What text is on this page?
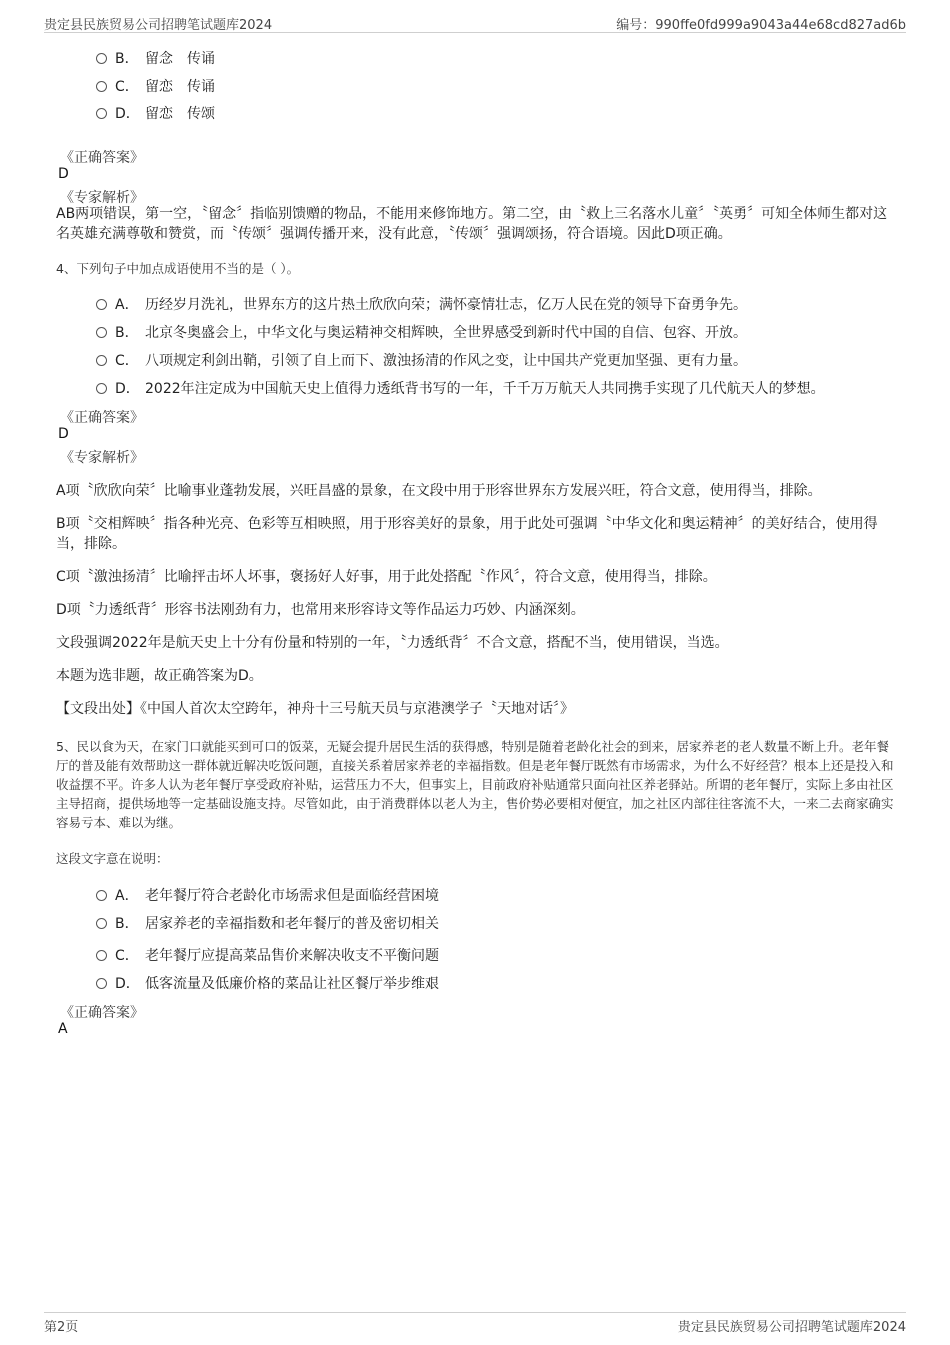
贵定县民族贸易公司招聘笔试题库2024	编号：990ffe0fd999a9043a44e68cd827ad6b
B． 留念　传诵
C． 留恋　传诵
D． 留恋　传颂
《正确答案》
D
《专家解析》
AB两项错误，第一空，〝留念〞指临别馈赠的物品，不能用来修饰地方。第二空，由〝救上三名落水儿童〞〝英勇〞可知全体师生都对这名英雄充满尊敬和赞赏，而〝传颂〞强调传播开来，没有此意，〝传颂〞强调颂扬，符合语境。因此D项正确。
4、下列句子中加点成语使用不当的是（ ）。
A． 历经岁月洗礼，世界东方的这片热土欣欣向荣；满怀豪情壮志，亿万人民在党的领导下奋勇争先。
B． 北京冬奥盛会上，中华文化与奥运精神交相辉映，全世界感受到新时代中国的自信、包容、开放。
C． 八项规定利剑出鞘，引领了自上而下、激浊扬清的作风之变，让中国共产党更加坚强、更有力量。
D． 2022年注定成为中国航天史上值得力透纸背书写的一年，千千万万航天人共同携手实现了几代航天人的梦想。
《正确答案》
D
《专家解析》
A项〝欣欣向荣〞比喻事业蓬勃发展，兴旺昌盛的景象，在文段中用于形容世界东方发展兴旺，符合文意，使用得当，排除。
B项〝交相辉映〞指各种光亮、色彩等互相映照，用于形容美好的景象，用于此处可强调〝中华文化和奥运精神〞的美好结合，使用得当，排除。
C项〝激浊扬清〞比喻抨击坏人坏事，褒扬好人好事，用于此处搭配〝作风〞，符合文意，使用得当，排除。
D项〝力透纸背〞形容书法刚劲有力，也常用来形容诗文等作品运力巧妙、内涵深刻。
文段强调2022年是航天史上十分有份量和特别的一年，〝力透纸背〞不合文意，搭配不当，使用错误，当选。
本题为选非题，故正确答案为D。
【文段出处】《中国人首次太空跨年，神舟十三号航天员与京港澳学子〝天地对话〞》
5、民以食为天，在家门口就能买到可口的饭菜，无疑会提升居民生活的获得感，特别是随着老龄化社会的到来，居家养老的老人数量不断上升。老年餐厅的普及能有效帮助这一群体就近解决吃饭问题，直接关系着居家养老的幸福指数。但是老年餐厅既然有市场需求，为什么不好经营？根本上还是投入和收益摆不平。许多人认为老年餐厅享受政府补贴，运营压力不大，但事实上，目前政府补贴通常只面向社区养老驿站。所谓的老年餐厅，实际上多由社区主导招商，提供场地等一定基础设施支持。尽管如此，由于消费群体以老人为主，售价势必要相对便宜，加之社区内部往往客流不大，一来二去商家确实容易亏本、难以为继。
这段文字意在说明：
A． 老年餐厅符合老龄化市场需求但是面临经营困境
B． 居家养老的幸福指数和老年餐厅的普及密切相关
C． 老年餐厅应提高菜品售价来解决收支不平衡问题
D． 低客流量及低廉价格的菜品让社区餐厅举步维艰
《正确答案》
A
第2页	贵定县民族贸易公司招聘笔试题库2024
